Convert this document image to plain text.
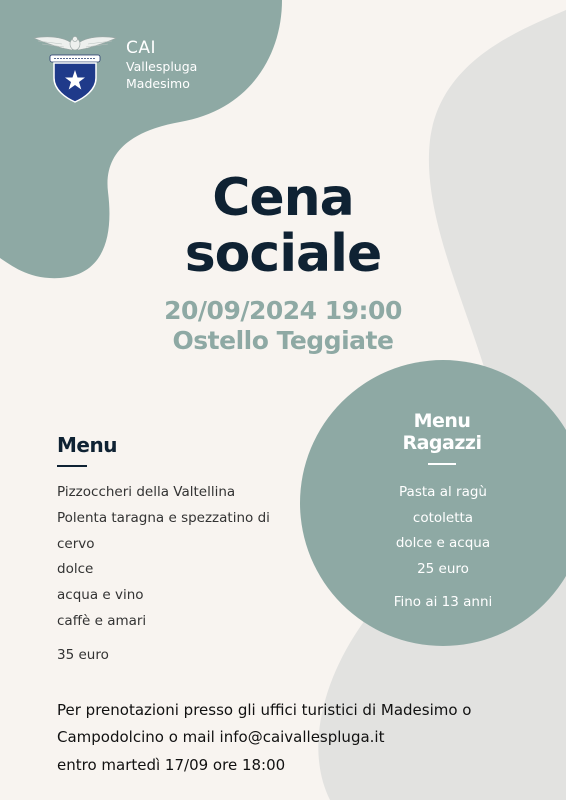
CAI
Vallespluga
Madesimo
Cena
sociale
20/09/2024 19:00
Ostello Teggiate
Menu
Pizzoccheri della Valtellina
Polenta taragna e spezzatino di
cervo
dolce
acqua e vino
caffè e amari
35 euro
Menu
Ragazzi
Pasta al ragù
cotoletta
dolce e acqua
25 euro
Fino ai 13 anni
Per prenotazioni presso gli uffici turistici di Madesimo o
Campodolcino o mail info@caivallespluga.it
entro martedì 17/09 ore 18:00
